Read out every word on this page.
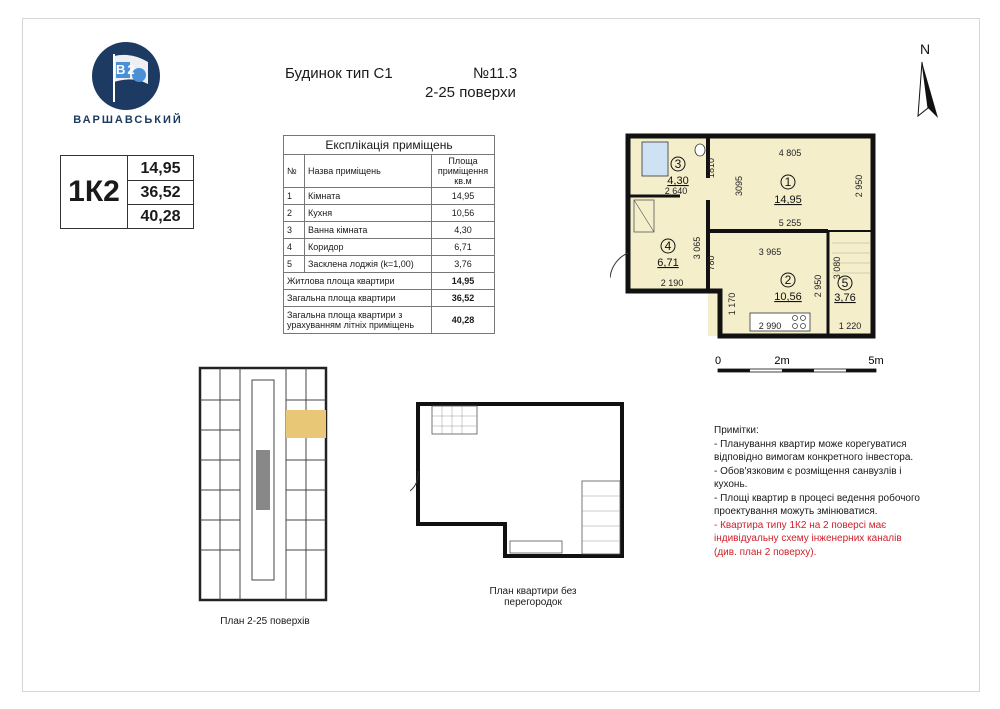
В2
ВАРШАВСЬКИЙ
1К2
14,95
36,52
40,28
Будинок тип С1	№11.3
2-25 поверхи
Експлікація приміщень		
№	Назва приміщень	Площа приміщення кв.м
1	Кімната	14,95
2	Кухня	10,56
3	Ванна кімната	4,30
4	Коридор	6,71
5	Засклена лоджія (k=1,00)	3,76
Житлова площа квартири		14,95
Загальна площа квартири		36,52
Загальна площа квартири з урахуванням літніх приміщень		40,28
1
14,95
2
10,56
3
4,30
4
6,71
5
3,76
4 805
3095	2 950
5 255
1810
2 640
3 065
780
3 965
2 190	2 950
3 080
1 170
2 990	1 220
N
0	2m	5m
План 2-25 поверхів
План квартири без перегородок
Примітки:
- Планування квартир може корегуватися відповідно вимогам конкретного інвестора.
- Обов'язковим є розміщення санвузлів і кухонь.
- Площі квартир в процесі ведення робочого проектування можуть змінюватися.
- Квартира типу 1К2 на 2 поверсі має індивідуальну схему інженерних каналів (див. план 2 поверху).
